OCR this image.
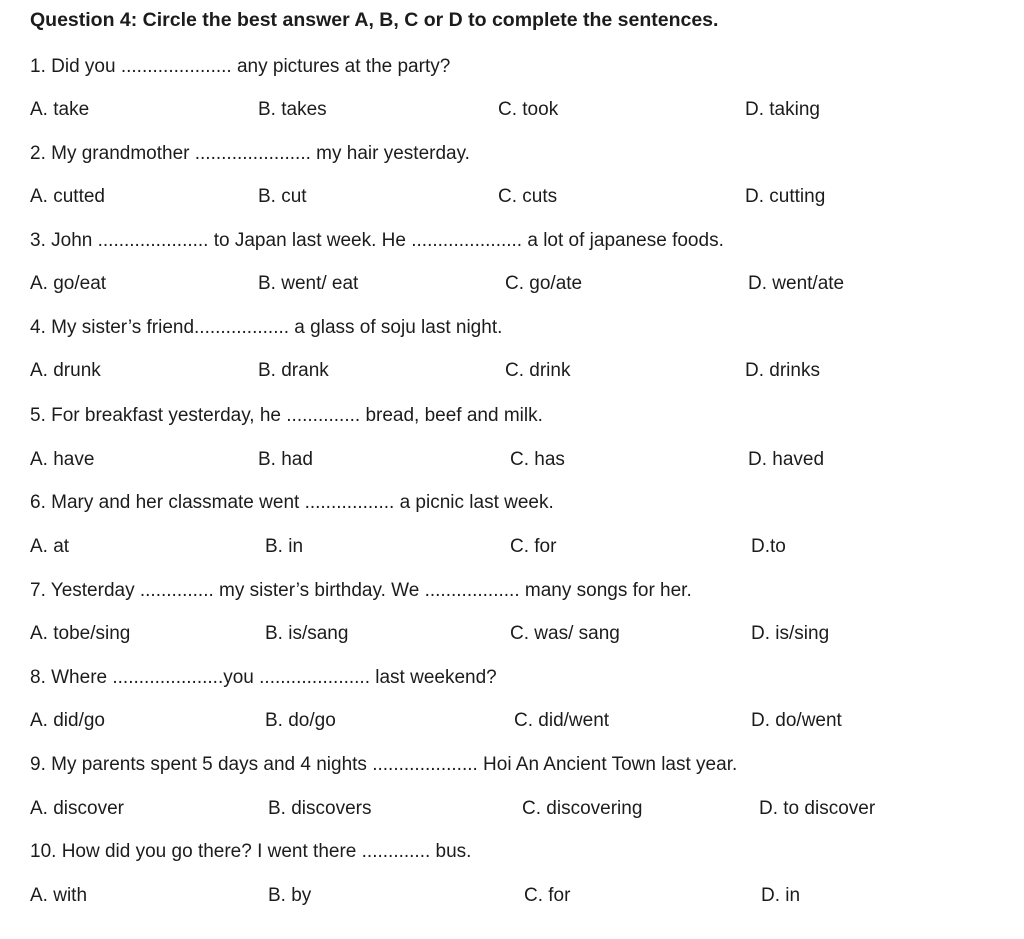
Question 4: Circle the best answer A, B, C or D to complete the sentences.
1. Did you ..................... any pictures at the party?
A. take	B. takes	C. took	D. taking
2. My grandmother ...................... my hair yesterday.
A. cutted	B. cut	C. cuts	D. cutting
3. John ..................... to Japan last week. He ..................... a lot of japanese foods.
A. go/eat	B. went/ eat	C. go/ate	D. went/ate
4. My sister’s friend.................. a glass of soju last night.
A. drunk	B. drank	C. drink	D. drinks
5. For breakfast yesterday, he .............. bread, beef and milk.
A. have	B. had	C. has	D. haved
6. Mary and her classmate went ................. a picnic last week.
A. at	B. in	C. for	D.to
7. Yesterday .............. my sister’s birthday. We .................. many songs for her.
A. tobe/sing	B. is/sang	C. was/ sang	D. is/sing
8. Where .....................you ..................... last weekend?
A. did/go	B. do/go	C. did/went	D. do/went
9. My parents spent 5 days and 4 nights .................... Hoi An Ancient Town last year.
A. discover	B. discovers	C. discovering	D. to discover
10. How did you go there? I went there ............. bus.
A. with	B. by	C. for	D. in
